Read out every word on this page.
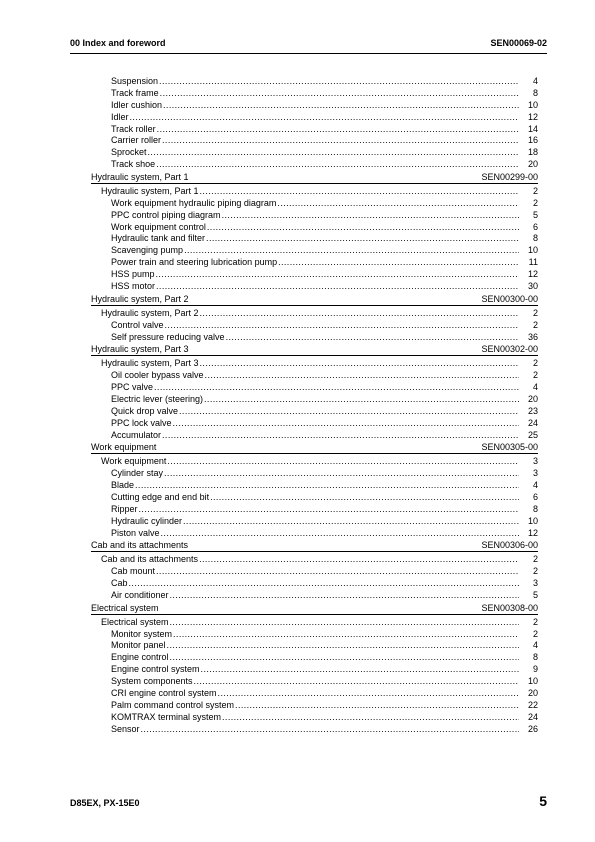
00 Index and foreword	SEN00069-02
Suspension .....	4
Track frame .....	8
Idler cushion .....	10
Idler .....	12
Track roller .....	14
Carrier roller .....	16
Sprocket .....	18
Track shoe .....	20
Hydraulic system, Part 1	SEN00299-00
Hydraulic system, Part 1 .....	2
Work equipment hydraulic piping diagram .....	2
PPC control piping diagram .....	5
Work equipment control .....	6
Hydraulic tank and filter .....	8
Scavenging pump .....	10
Power train and steering lubrication pump .....	11
HSS pump .....	12
HSS motor .....	30
Hydraulic system, Part 2	SEN00300-00
Hydraulic system, Part 2 .....	2
Control valve .....	2
Self pressure reducing valve .....	36
Hydraulic system, Part 3	SEN00302-00
Hydraulic system, Part 3 .....	2
Oil cooler bypass valve .....	2
PPC valve .....	4
Electric lever (steering) .....	20
Quick drop valve .....	23
PPC lock valve .....	24
Accumulator .....	25
Work equipment	SEN00305-00
Work equipment .....	3
Cylinder stay .....	3
Blade .....	4
Cutting edge and end bit .....	6
Ripper .....	8
Hydraulic cylinder .....	10
Piston valve .....	12
Cab and its attachments	SEN00306-00
Cab and its attachments .....	2
Cab mount .....	2
Cab .....	3
Air conditioner .....	5
Electrical system	SEN00308-00
Electrical system .....	2
Monitor system .....	2
Monitor panel .....	4
Engine control .....	8
Engine control system .....	9
System components .....	10
CRI engine control system .....	20
Palm command control system .....	22
KOMTRAX terminal system .....	24
Sensor .....	26
D85EX, PX-15E0	5
